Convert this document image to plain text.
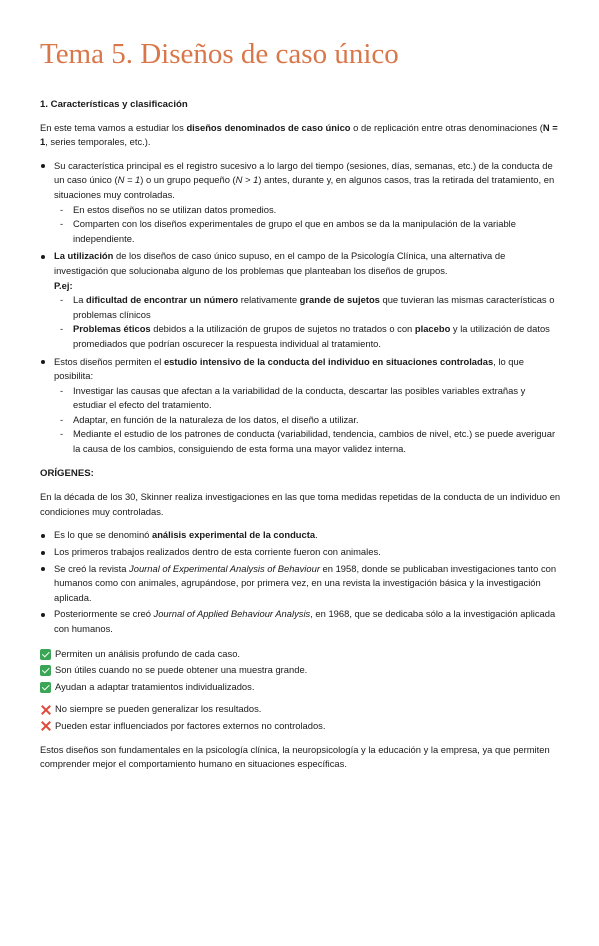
Tema 5. Diseños de caso único
1. Características y clasificación

En este tema vamos a estudiar los diseños denominados de caso único o de replicación entre otras denominaciones (N = 1, series temporales, etc.).

Su característica principal es el registro sucesivo a lo largo del tiempo (sesiones, días, semanas, etc.) de la conducta de un caso único (N = 1) o un grupo pequeño (N > 1) antes, durante y, en algunos casos, tras la retirada del tratamiento, en situaciones muy controladas.
- En estos diseños no se utilizan datos promedios.
- Comparten con los diseños experimentales de grupo el que en ambos se da la manipulación de la variable independiente.
La utilización de los diseños de caso único supuso, en el campo de la Psicología Clínica, una alternativa de investigación que solucionaba alguno de los problemas que planteaban los diseños de grupos.
P.ej:
- La dificultad de encontrar un número relativamente grande de sujetos que tuvieran las mismas características o problemas clínicos
- Problemas éticos debidos a la utilización de grupos de sujetos no tratados o con placebo y la utilización de datos promediados que podrían oscurecer la respuesta individual al tratamiento.
Estos diseños permiten el estudio intensivo de la conducta del individuo en situaciones controladas, lo que posibilita:
- Investigar las causas que afectan a la variabilidad de la conducta, descartar las posibles variables extrañas y estudiar el efecto del tratamiento.
- Adaptar, en función de la naturaleza de los datos, el diseño a utilizar.
- Mediante el estudio de los patrones de conducta (variabilidad, tendencia, cambios de nivel, etc.) se puede averiguar la causa de los cambios, consiguiendo de esta forma una mayor validez interna.
ORÍGENES:

En la década de los 30, Skinner realiza investigaciones en las que toma medidas repetidas de la conducta de un individuo en condiciones muy controladas.

Es lo que se denominó análisis experimental de la conducta.
Los primeros trabajos realizados dentro de esta corriente fueron con animales.
Se creó la revista Journal of Experimental Analysis of Behaviour en 1958, donde se publicaban investigaciones tanto con humanos como con animales, agrupándose, por primera vez, en una revista la investigación básica y la investigación aplicada.
Posteriormente se creó Journal of Applied Behaviour Analysis, en 1968, que se dedicaba sólo a la investigación aplicada con humanos.
Permiten un análisis profundo de cada caso.
Son útiles cuando no se puede obtener una muestra grande.
Ayudan a adaptar tratamientos individualizados.
No siempre se pueden generalizar los resultados.
Pueden estar influenciados por factores externos no controlados.

Estos diseños son fundamentales en la psicología clínica, la neuropsicología y la educación y la empresa, ya que permiten comprender mejor el comportamiento humano en situaciones específicas.
